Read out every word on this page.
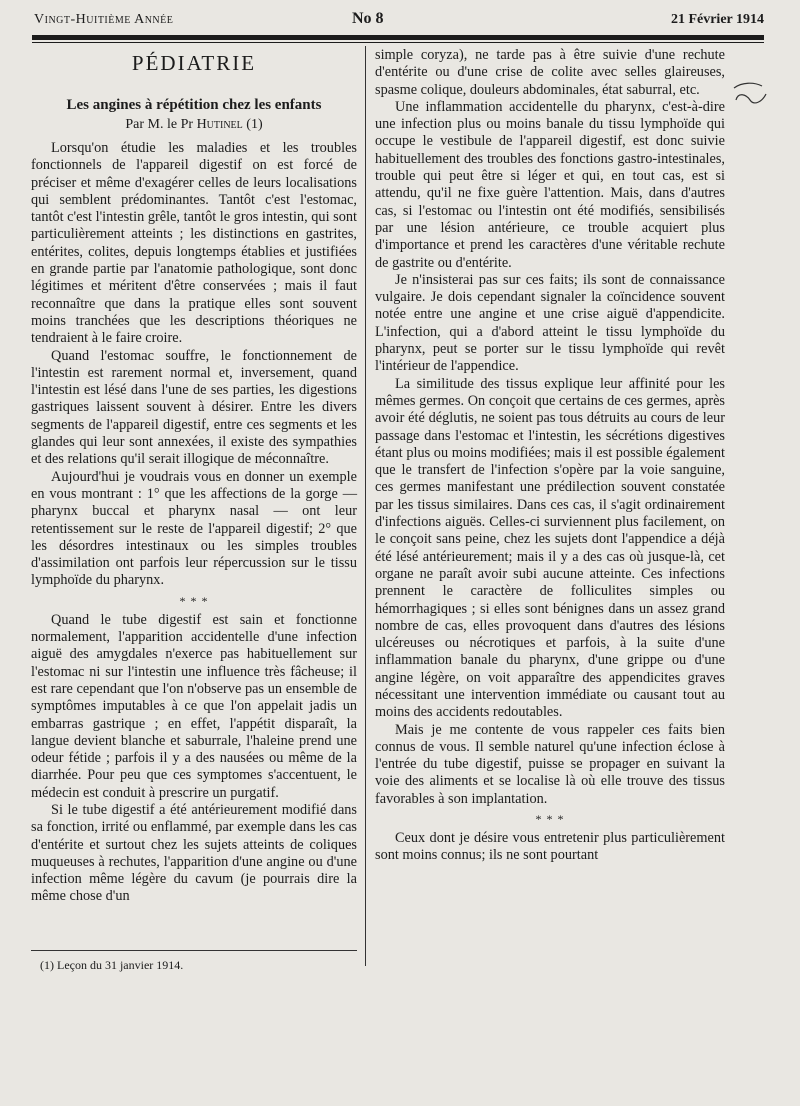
Vingt-Huitième Année	No 8	21 Février 1914
PÉDIATRIE
Les angines à répétition chez les enfants
Par M. le Pr Hutinel (1)

Lorsqu'on étudie les maladies et les troubles fonctionnels de l'appareil digestif on est forcé de préciser et même d'exagérer celles de leurs localisations qui semblent prédominantes. Tantôt c'est l'estomac, tantôt c'est l'intestin grêle, tantôt le gros intestin, qui sont particulièrement atteints ; les distinctions en gastrites, entérites, colites, depuis longtemps établies et justifiées en grande partie par l'anatomie pathologique, sont donc légitimes et méritent d'être conservées ; mais il faut reconnaître que dans la pratique elles sont souvent moins tranchées que les descriptions théoriques ne tendraient à le faire croire.

Quand l'estomac souffre, le fonctionnement de l'intestin est rarement normal et, inversement, quand l'intestin est lésé dans l'une de ses parties, les digestions gastriques laissent souvent à désirer. Entre les divers segments de l'appareil digestif, entre ces segments et les glandes qui leur sont annexées, il existe des sympathies et des relations qu'il serait illogique de méconnaître.

Aujourd'hui je voudrais vous en donner un exemple en vous montrant : 1° que les affections de la gorge — pharynx buccal et pharynx nasal — ont leur retentissement sur le reste de l'appareil digestif; 2° que les désordres intestinaux ou les simples troubles d'assimilation ont parfois leur répercussion sur le tissu lymphoïde du pharynx.

* * *

Quand le tube digestif est sain et fonctionne normalement, l'apparition accidentelle d'une infection aiguë des amygdales n'exerce pas habituellement sur l'estomac ni sur l'intestin une influence très fâcheuse; il est rare cependant que l'on n'observe pas un ensemble de symptômes imputables à ce que l'on appelait jadis un embarras gastrique ; en effet, l'appétit disparaît, la langue devient blanche et saburrale, l'haleine prend une odeur fétide ; parfois il y a des nausées ou même de la diarrhée. Pour peu que ces symptomes s'accentuent, le médecin est conduit à prescrire un purgatif.

Si le tube digestif a été antérieurement modifié dans sa fonction, irrité ou enflammé, par exemple dans les cas d'entérite et surtout chez les sujets atteints de coliques muqueuses à rechutes, l'apparition d'une angine ou d'une infection même légère du cavum (je pourrais dire la même chose d'un

(1) Leçon du 31 janvier 1914.

simple coryza), ne tarde pas à être suivie d'une rechute d'entérite ou d'une crise de colite avec selles glaireuses, spasme colique, douleurs abdominales, état saburral, etc.

Une inflammation accidentelle du pharynx, c'est-à-dire une infection plus ou moins banale du tissu lymphoïde qui occupe le vestibule de l'appareil digestif, est donc suivie habituellement des troubles des fonctions gastro-intestinales, trouble qui peut être si léger et qui, en tout cas, est si attendu, qu'il ne fixe guère l'attention. Mais, dans d'autres cas, si l'estomac ou l'intestin ont été modifiés, sensibilisés par une lésion antérieure, ce trouble acquiert plus d'importance et prend les caractères d'une véritable rechute de gastrite ou d'entérite.

Je n'insisterai pas sur ces faits; ils sont de connaissance vulgaire. Je dois cependant signaler la coïncidence souvent notée entre une angine et une crise aiguë d'appendicite. L'infection, qui a d'abord atteint le tissu lymphoïde du pharynx, peut se porter sur le tissu lymphoïde qui revêt l'intérieur de l'appendice.

La similitude des tissus explique leur affinité pour les mêmes germes. On conçoit que certains de ces germes, après avoir été déglutis, ne soient pas tous détruits au cours de leur passage dans l'estomac et l'intestin, les sécrétions digestives étant plus ou moins modifiées; mais il est possible également que le transfert de l'infection s'opère par la voie sanguine, ces germes manifestant une prédilection souvent constatée par les tissus similaires. Dans ces cas, il s'agit ordinairement d'infections aiguës. Celles-ci surviennent plus facilement, on le conçoit sans peine, chez les sujets dont l'appendice a déjà été lésé antérieurement; mais il y a des cas où jusque-là, cet organe ne paraît avoir subi aucune atteinte. Ces infections prennent le caractère de folliculites simples ou hémorrhagiques ; si elles sont bénignes dans un assez grand nombre de cas, elles provoquent dans d'autres des lésions ulcéreuses ou nécrotiques et parfois, à la suite d'une inflammation banale du pharynx, d'une grippe ou d'une angine légère, on voit apparaître des appendicites graves nécessitant une intervention immédiate ou causant tout au moins des accidents redoutables.

Mais je me contente de vous rappeler ces faits bien connus de vous. Il semble naturel qu'une infection éclose à l'entrée du tube digestif, puisse se propager en suivant la voie des aliments et se localise là où elle trouve des tissus favorables à son implantation.

* * *

Ceux dont je désire vous entretenir plus particulièrement sont moins connus; ils ne sont pourtant
